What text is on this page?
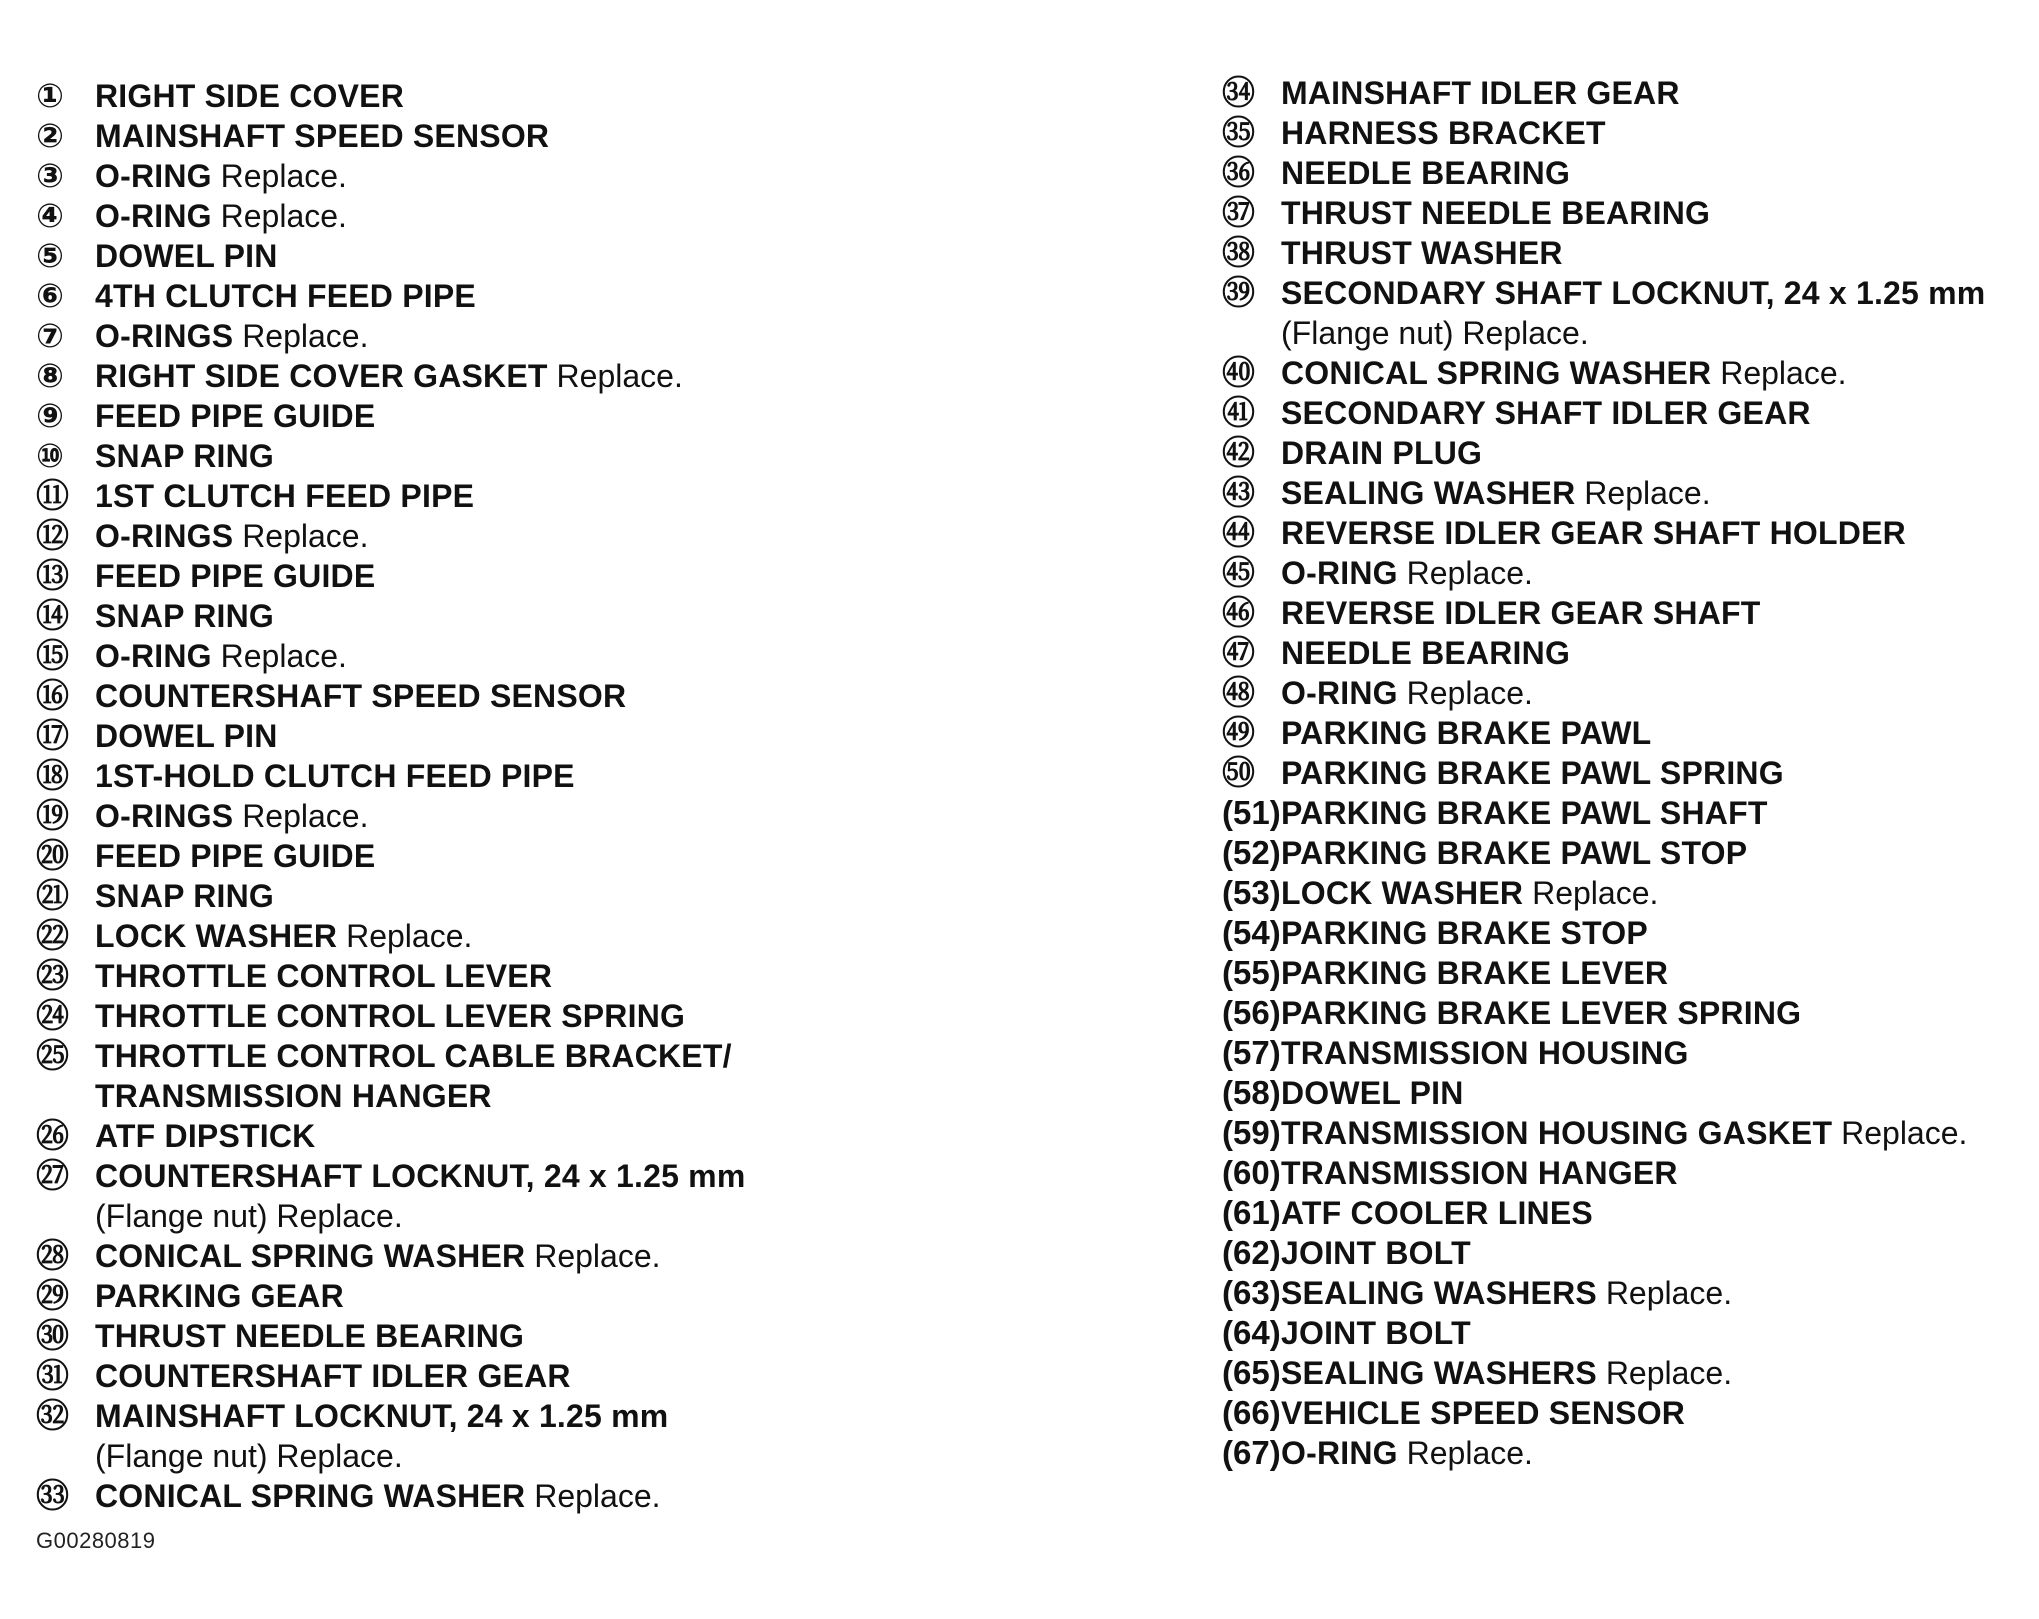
① RIGHT SIDE COVER
② MAINSHAFT SPEED SENSOR
③ O-RING Replace.
④ O-RING Replace.
⑤ DOWEL PIN
⑥ 4TH CLUTCH FEED PIPE
⑦ O-RINGS Replace.
⑧ RIGHT SIDE COVER GASKET Replace.
⑨ FEED PIPE GUIDE
⑩ SNAP RING
⑪ 1ST CLUTCH FEED PIPE
⑫ O-RINGS Replace.
⑬ FEED PIPE GUIDE
⑭ SNAP RING
⑮ O-RING Replace.
⑯ COUNTERSHAFT SPEED SENSOR
⑰ DOWEL PIN
⑱ 1ST-HOLD CLUTCH FEED PIPE
⑲ O-RINGS Replace.
⑳ FEED PIPE GUIDE
㉑ SNAP RING
㉒ LOCK WASHER Replace.
㉓ THROTTLE CONTROL LEVER
㉔ THROTTLE CONTROL LEVER SPRING
㉕ THROTTLE CONTROL CABLE BRACKET/
TRANSMISSION HANGER
㉖ ATF DIPSTICK
㉗ COUNTERSHAFT LOCKNUT, 24 x 1.25 mm
(Flange nut) Replace.
㉘ CONICAL SPRING WASHER Replace.
㉙ PARKING GEAR
㉚ THRUST NEEDLE BEARING
㉛ COUNTERSHAFT IDLER GEAR
㉜ MAINSHAFT LOCKNUT, 24 x 1.25 mm
(Flange nut) Replace.
㉝ CONICAL SPRING WASHER Replace.
㉞ MAINSHAFT IDLER GEAR
㉟ HARNESS BRACKET
㊱ NEEDLE BEARING
㊲ THRUST NEEDLE BEARING
㊳ THRUST WASHER
㊴ SECONDARY SHAFT LOCKNUT, 24 x 1.25 mm
(Flange nut) Replace.
㊵ CONICAL SPRING WASHER Replace.
㊶ SECONDARY SHAFT IDLER GEAR
㊷ DRAIN PLUG
㊸ SEALING WASHER Replace.
㊹ REVERSE IDLER GEAR SHAFT HOLDER
㊺ O-RING Replace.
㊻ REVERSE IDLER GEAR SHAFT
㊼ NEEDLE BEARING
㊽ O-RING Replace.
㊾ PARKING BRAKE PAWL
㊿ PARKING BRAKE PAWL SPRING
(51) PARKING BRAKE PAWL SHAFT
(52) PARKING BRAKE PAWL STOP
(53) LOCK WASHER Replace.
(54) PARKING BRAKE STOP
(55) PARKING BRAKE LEVER
(56) PARKING BRAKE LEVER SPRING
(57) TRANSMISSION HOUSING
(58) DOWEL PIN
(59) TRANSMISSION HOUSING GASKET Replace.
(60) TRANSMISSION HANGER
(61) ATF COOLER LINES
(62) JOINT BOLT
(63) SEALING WASHERS Replace.
(64) JOINT BOLT
(65) SEALING WASHERS Replace.
(66) VEHICLE SPEED SENSOR
(67) O-RING Replace.
G00280819
